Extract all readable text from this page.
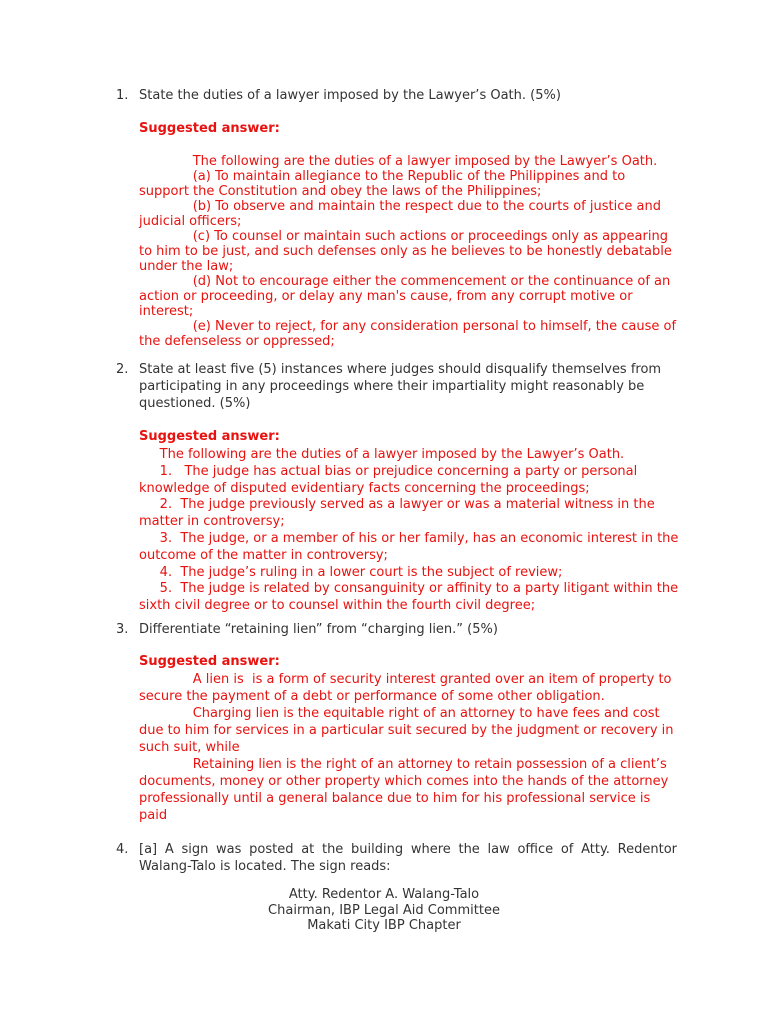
1. State the duties of a lawyer imposed by the Lawyer’s Oath. (5%)
Suggested answer:
The following are the duties of a lawyer imposed by the Lawyer’s Oath.
(a) To maintain allegiance to the Republic of the Philippines and to support the Constitution and obey the laws of the Philippines;
(b) To observe and maintain the respect due to the courts of justice and judicial officers;
(c) To counsel or maintain such actions or proceedings only as appearing to him to be just, and such defenses only as he believes to be honestly debatable under the law;
(d) Not to encourage either the commencement or the continuance of an action or proceeding, or delay any man's cause, from any corrupt motive or interest;
(e) Never to reject, for any consideration personal to himself, the cause of the defenseless or oppressed;
2. State at least five (5) instances where judges should disqualify themselves from participating in any proceedings where their impartiality might reasonably be questioned. (5%)
Suggested answer:
The following are the duties of a lawyer imposed by the Lawyer’s Oath.
1.   The judge has actual bias or prejudice concerning a party or personal knowledge of disputed evidentiary facts concerning the proceedings;
2.  The judge previously served as a lawyer or was a material witness in the matter in controversy;
3.  The judge, or a member of his or her family, has an economic interest in the outcome of the matter in controversy;
4.  The judge’s ruling in a lower court is the subject of review;
5.  The judge is related by consanguinity or affinity to a party litigant within the sixth civil degree or to counsel within the fourth civil degree;
3. Differentiate “retaining lien” from “charging lien.” (5%)
Suggested answer:
A lien is  is a form of security interest granted over an item of property to secure the payment of a debt or performance of some other obligation.
Charging lien is the equitable right of an attorney to have fees and cost due to him for services in a particular suit secured by the judgment or recovery in such suit, while
Retaining lien is the right of an attorney to retain possession of a client’s documents, money or other property which comes into the hands of the attorney professionally until a general balance due to him for his professional service is paid
4. [a] A sign was posted at the building where the law office of Atty. Redentor Walang-Talo is located. The sign reads:
Atty. Redentor A. Walang-Talo
Chairman, IBP Legal Aid Committee
Makati City IBP Chapter
